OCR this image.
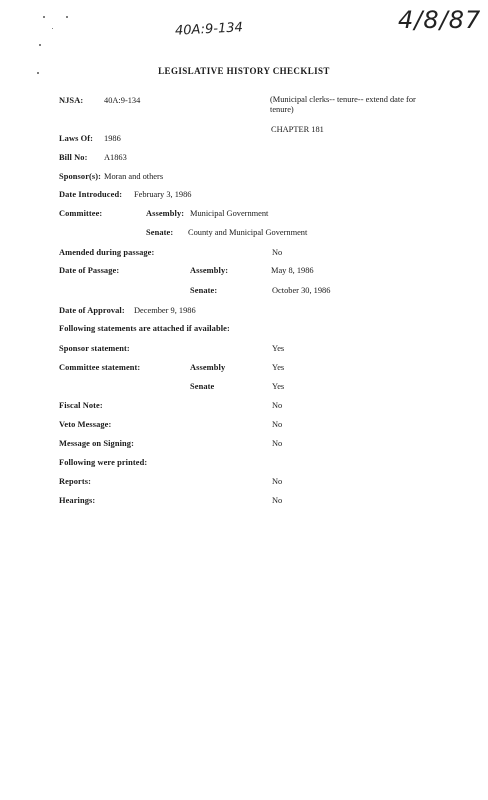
40A:9-134	4/8/87
LEGISLATIVE HISTORY CHECKLIST
NJSA: 40A:9-134	(Municipal clerks-- tenure-- extend date for tenure)
CHAPTER 181
Laws Of: 1986
Bill No: A1863
Sponsor(s): Moran and others
Date Introduced: February 3, 1986
Committee:	Assembly: Municipal Government
Senate: County and Municipal Government
Amended during passage:	No
Date of Passage:	Assembly:	May 8, 1986
Senate:	October 30, 1986
Date of Approval: December 9, 1986
Following statements are attached if available:
Sponsor statement:	Yes
Committee statement:	Assembly	Yes
Senate	Yes
Fiscal Note:	No
Veto Message:	No
Message on Signing:	No
Following were printed:
Reports:	No
Hearings:	No
